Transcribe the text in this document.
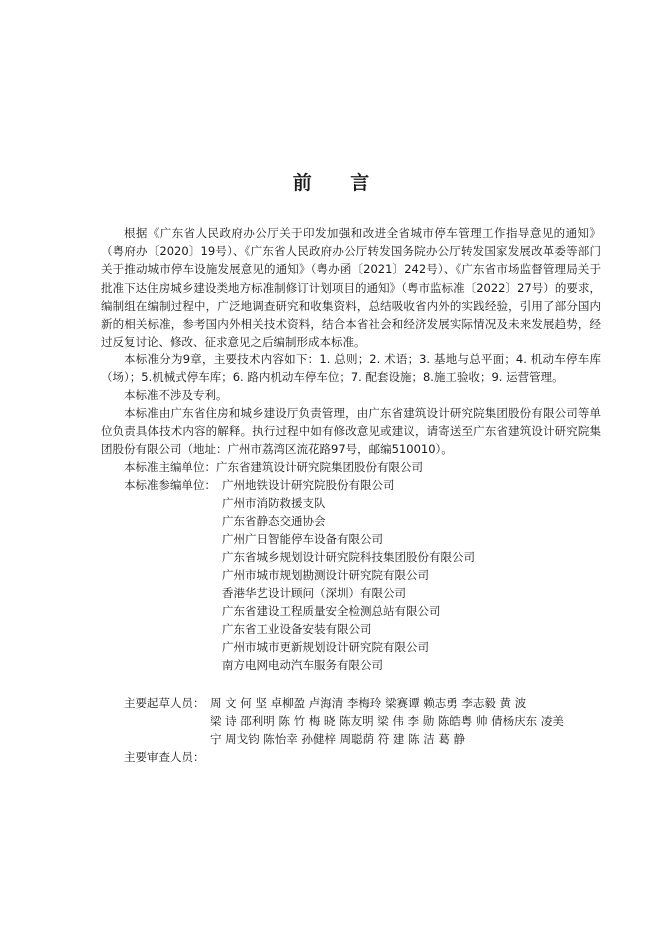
前 言

根据《广东省人民政府办公厅关于印发加强和改进全省城市停车管理工作指导意见的通知》（粤府办〔2020〕19号）、《广东省人民政府办公厅转发国务院办公厅转发国家发展改革委等部门关于推动城市停车设施发展意见的通知》（粤办函〔2021〕242号）、《广东省市场监督管理局关于批准下达住房城乡建设类地方标准制修订计划项目的通知》（粤市监标准〔2022〕27号）的要求，编制组在编制过程中，广泛地调查研究和收集资料，总结吸收省内外的实践经验，引用了部分国内新的相关标准，参考国内外相关技术资料，结合本省社会和经济发展实际情况及未来发展趋势，经过反复讨论、修改、征求意见之后编制形成本标准。

本标准分为9章，主要技术内容如下：1. 总则；2. 术语；3. 基地与总平面；4. 机动车停车库（场）；5.机械式停车库；6. 路内机动车停车位；7. 配套设施；8.施工验收；9. 运营管理。

本标准不涉及专利。

本标准由广东省住房和城乡建设厅负责管理，由广东省建筑设计研究院集团股份有限公司等单位负责具体技术内容的解释。执行过程中如有修改意见或建议，请寄送至广东省建筑设计研究院集团股份有限公司（地址：广州市荔湾区流花路97号，邮编510010）。

本标准主编单位：广东省建筑设计研究院集团股份有限公司
本标准参编单位： 广州地铁设计研究院股份有限公司
广州市消防救援支队
广东省静态交通协会
广州广日智能停车设备有限公司
广东省城乡规划设计研究院科技集团股份有限公司
广州市城市规划勘测设计研究院有限公司
香港华艺设计顾问（深圳）有限公司
广东省建设工程质量安全检测总站有限公司
广东省工业设备安装有限公司
广州市城市更新规划设计研究院有限公司
南方电网电动汽车服务有限公司
主要起草人员： 周 文 何 坚 卓柳盈 卢海清 李梅玲 梁赛谭 赖志勇 李志毅 黄 波
梁 诗 邵利明 陈 竹 梅 晓 陈友明 梁 伟 李 勋 陈皓粤 帅 倩杨庆东 凌美
宁 周戈钧 陈怡幸 孙健梓 周聪荫 符 建 陈 洁 葛 静
主要审查人员：
